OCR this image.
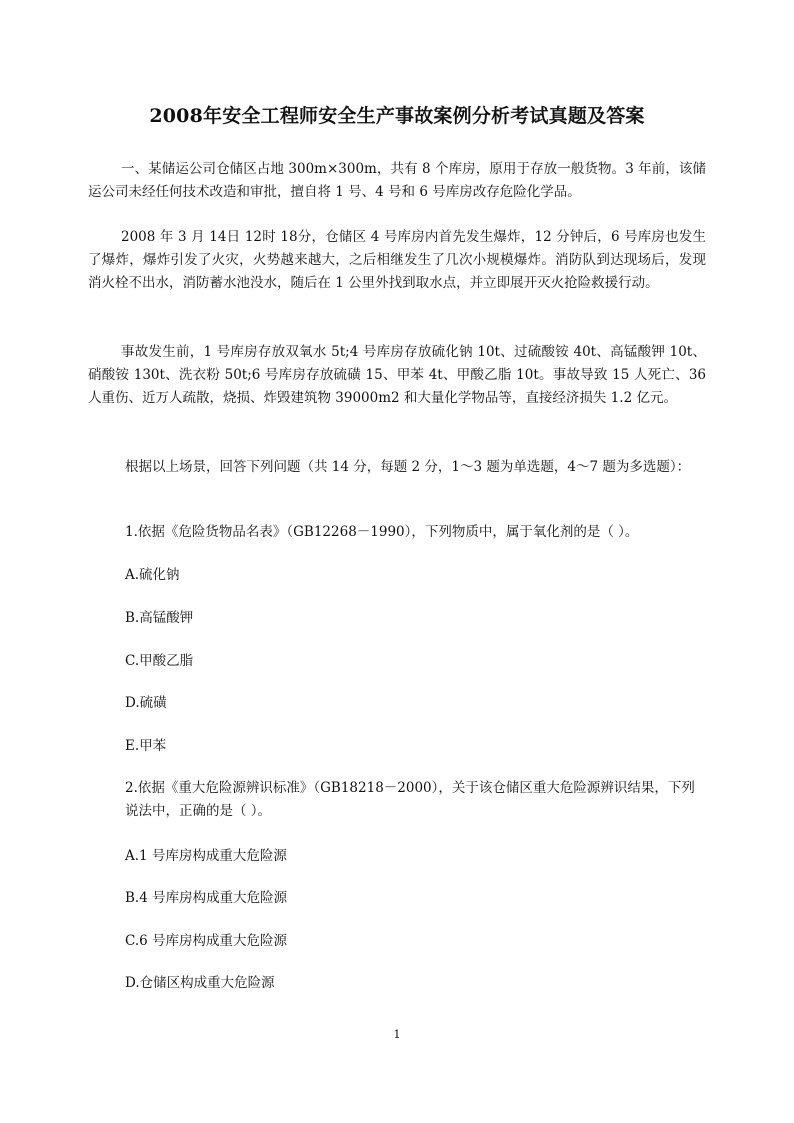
2008年安全工程师安全生产事故案例分析考试真题及答案

一、某储运公司仓储区占地 300m×300m，共有 8 个库房，原用于存放一般货物。3 年前，该储运公司未经任何技术改造和审批，擅自将 1 号、4 号和 6 号库房改存危险化学品。

2008 年 3 月 14日 12时 18分，仓储区 4 号库房内首先发生爆炸，12 分钟后，6 号库房也发生了爆炸，爆炸引发了火灾，火势越来越大，之后相继发生了几次小规模爆炸。消防队到达现场后，发现消火栓不出水，消防蓄水池没水，随后在 1 公里外找到取水点，并立即展开灭火抢险救援行动。

事故发生前，1 号库房存放双氧水 5t;4 号库房存放硫化钠 10t、过硫酸铵 40t、高锰酸钾 10t、硝酸铵 130t、洗衣粉 50t;6 号库房存放硫磺 15、甲苯 4t、甲酸乙脂 10t。事故导致 15 人死亡、36 人重伤、近万人疏散，烧损、炸毁建筑物 39000m2 和大量化学物品等，直接经济损失 1.2 亿元。

根据以上场景，回答下列问题（共 14 分，每题 2 分，1～3 题为单选题，4～7 题为多选题）：

1.依据《危险货物品名表》（GB12268－1990），下列物质中，属于氧化剂的是（ ）。

A.硫化钠

B.高锰酸钾

C.甲酸乙脂

D.硫磺

E.甲苯

2.依据《重大危险源辨识标准》（GB18218－2000），关于该仓储区重大危险源辨识结果，下列说法中，正确的是（ ）。

A.1 号库房构成重大危险源

B.4 号库房构成重大危险源

C.6 号库房构成重大危险源

D.仓储区构成重大危险源

1
